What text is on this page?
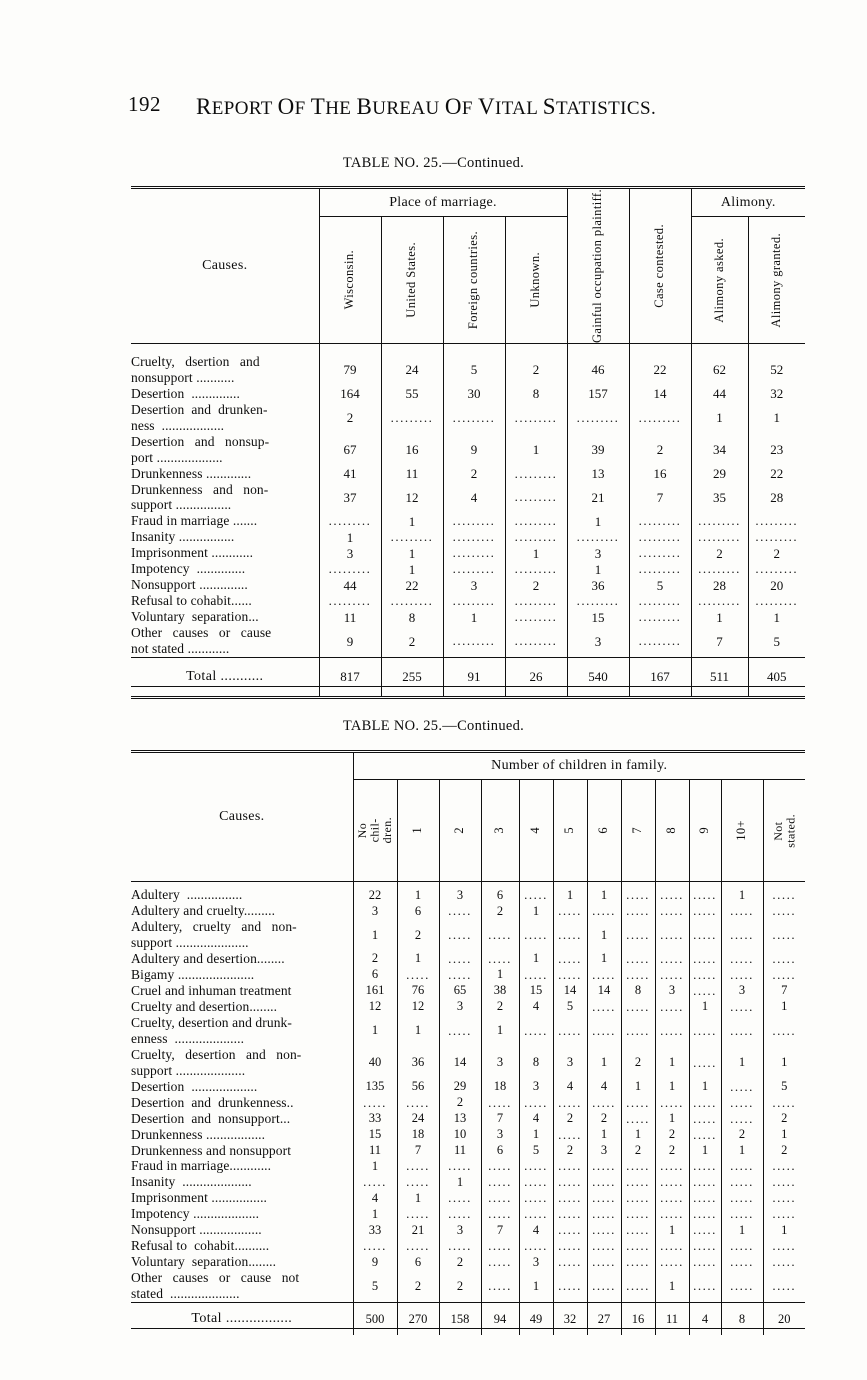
192 REPORT OF THE BUREAU OF VITAL STATISTICS.
TABLE NO. 25.—Continued.
Causes.	Place of marriage.				Gainful occupation plaintiff.	Case contested.	Alimony.	

	Wisconsin.	United States.	Foreign countries.	Unknown.			Alimony asked.	Alimony granted.

Cruelty,   dsertion   and
nonsupport ...........	79	24	5	2	46	22	62	52
Desertion  ..............	164	55	30	8	157	14	44	32
Desertion  and  drunken-
ness  ..................	2	.........	.........	.........	.........	.........	1	1
Desertion   and   nonsup-
port ...................	67	16	9	1	39	2	34	23
Drunkenness .............	41	11	2	.........	13	16	29	22
Drunkenness   and   non-
support ................	37	12	4	.........	21	7	35	28
Fraud in marriage .......	.........	1	.........	.........	1	.........	.........	.........
Insanity ................	1	.........	.........	.........	.........	.........	.........	.........
Imprisonment ............	3	1	.........	1	3	.........	2	2
Impotency  ..............	.........	1	.........	.........	1	.........	.........	.........
Nonsupport ..............	44	22	3	2	36	5	28	20
Refusal to cohabit......	.........	.........	.........	.........	.........	.........	.........	.........
Voluntary  separation...	11	8	1	.........	15	.........	1	1
Other   causes   or   cause
not stated ............	9	2	.........	.........	3	.........	7	5

Total ...........	817	255	91	26	540	167	511	405

TABLE NO. 25.—Continued.
Causes.	Number of children in family.											

	No
chil-
dren.	1	2	3	4	5	6	7	8	9	10+	Not
stated.

Adultery  ................	22	1	3	6	.....	1	1	.....	.....	.....	1	.....
Adultery and cruelty.........	3	6	.....	2	1	.....	.....	.....	.....	.....	.....	.....
Adultery,   cruelty   and   non-
support .....................	1	2	.....	.....	.....	.....	1	.....	.....	.....	.....	.....
Adultery and desertion........	2	1	.....	.....	1	.....	1	.....	.....	.....	.....	.....
Bigamy ......................	6	.....	.....	1	.....	.....	.....	.....	.....	.....	.....	.....
Cruel and inhuman treatment	161	76	65	38	15	14	14	8	3	.....	3	7
Cruelty and desertion........	12	12	3	2	4	5	.....	.....	.....	1	.....	1
Cruelty, desertion and drunk-
enness  ....................	1	1	.....	1	.....	.....	.....	.....	.....	.....	.....	.....
Cruelty,   desertion   and   non-
support ....................	40	36	14	3	8	3	1	2	1	.....	1	1
Desertion  ...................	135	56	29	18	3	4	4	1	1	1	.....	5
Desertion  and  drunkenness..	.....	.....	2	.....	.....	.....	.....	.....	.....	.....	.....	.....
Desertion  and  nonsupport...	33	24	13	7	4	2	2	.....	1	.....	.....	2
Drunkenness .................	15	18	10	3	1	.....	1	1	2	.....	2	1
Drunkenness and nonsupport	11	7	11	6	5	2	3	2	2	1	1	2
Fraud in marriage............	1	.....	.....	.....	.....	.....	.....	.....	.....	.....	.....	.....
Insanity  ....................	.....	.....	1	.....	.....	.....	.....	.....	.....	.....	.....	.....
Imprisonment ................	4	1	.....	.....	.....	.....	.....	.....	.....	.....	.....	.....
Impotency ...................	1	.....	.....	.....	.....	.....	.....	.....	.....	.....	.....	.....
Nonsupport ..................	33	21	3	7	4	.....	.....	.....	1	.....	1	1
Refusal to  cohabit..........	.....	.....	.....	.....	.....	.....	.....	.....	.....	.....	.....	.....
Voluntary  separation........	9	6	2	.....	3	.....	.....	.....	.....	.....	.....	.....
Other   causes   or   cause   not
stated  ....................	5	2	2	.....	1	.....	.....	.....	1	.....	.....	.....

Total .................	500	270	158	94	49	32	27	16	11	4	8	20
